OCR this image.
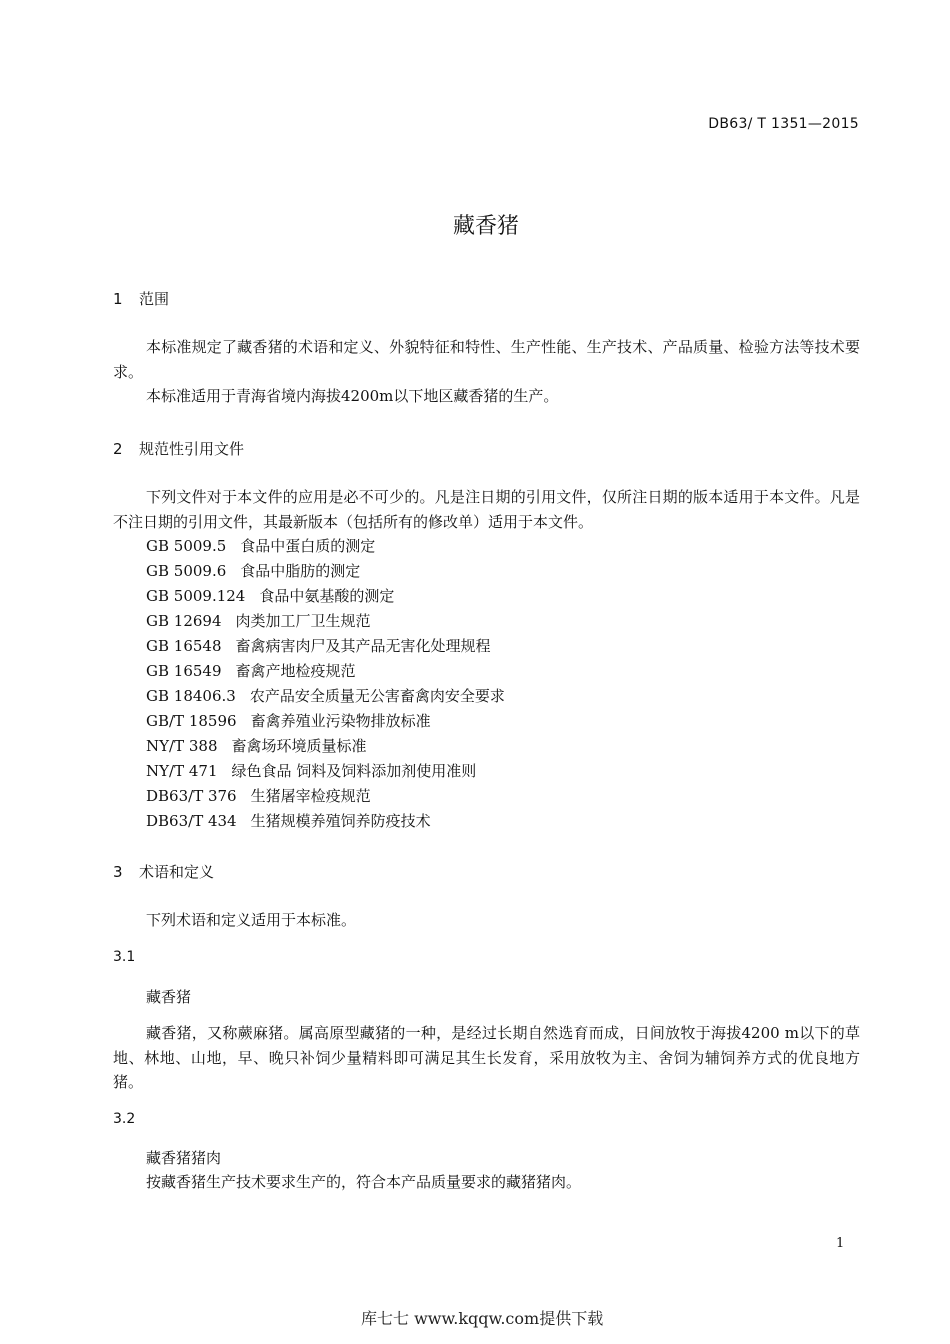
DB63/ T 1351—2015
藏香猪
1 范围
本标准规定了藏香猪的术语和定义、外貌特征和特性、生产性能、生产技术、产品质量、检验方法等技术要求。
本标准适用于青海省境内海拔4200m以下地区藏香猪的生产。
2 规范性引用文件
下列文件对于本文件的应用是必不可少的。凡是注日期的引用文件，仅所注日期的版本适用于本文件。凡是不注日期的引用文件，其最新版本（包括所有的修改单）适用于本文件。
GB 5009.5 食品中蛋白质的测定
GB 5009.6 食品中脂肪的测定
GB 5009.124 食品中氨基酸的测定
GB 12694 肉类加工厂卫生规范
GB 16548 畜禽病害肉尸及其产品无害化处理规程
GB 16549 畜禽产地检疫规范
GB 18406.3 农产品安全质量无公害畜禽肉安全要求
GB/T 18596 畜禽养殖业污染物排放标准
NY/T 388 畜禽场环境质量标准
NY/T 471 绿色食品 饲料及饲料添加剂使用准则
DB63/T 376 生猪屠宰检疫规范
DB63/T 434 生猪规模养殖饲养防疫技术
3 术语和定义
下列术语和定义适用于本标准。
3.1
藏香猪
藏香猪，又称蕨麻猪。属高原型藏猪的一种，是经过长期自然选育而成，日间放牧于海拔4200 m以下的草地、林地、山地，早、晚只补饲少量精料即可满足其生长发育，采用放牧为主、舍饲为辅饲养方式的优良地方猪。
3.2
藏香猪猪肉
按藏香猪生产技术要求生产的，符合本产品质量要求的藏猪猪肉。
1
库七七 www.kqqw.com提供下载
